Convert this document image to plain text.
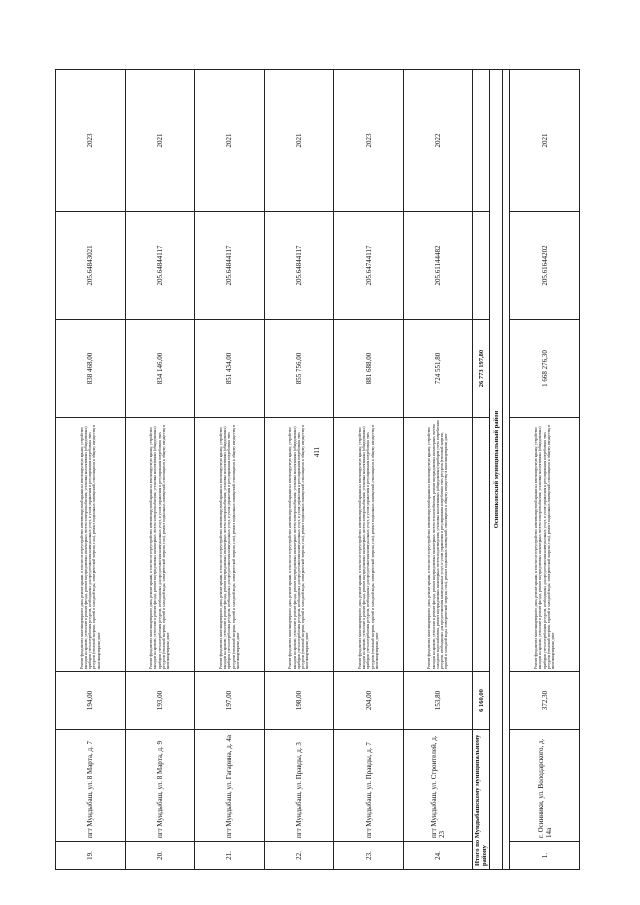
411
19.	пгт Мундыбаш, ул. 8 Марта, д. 7	194,00	Ремонт фундамента многоквартирного дома, ремонт крыши, в том числе переустройство невентилируемой крыши на вентилируемую крышу, устройство выходов на кровлю, утепление и ремонт фасада, ремонт внутридомовых инженерных систем электроснабжения, установка коллективных (общедомовых) приборов учета потребления ресурсов, необходимых для предоставления коммунальных услуг, и узлов управления и регулирования потребления этих ресурсов (тепловой энергии, горячей и холодной воды, электрической энергии, газа), ремонт подвальных помещений, относящихся к общему имуществу в многоквартирном доме	838 468,00	205.64843021	2023
20.	пгт Мундыбаш, ул. 8 Марта, д. 9	193,00	Ремонт фундамента многоквартирного дома, ремонт крыши, в том числе переустройство невентилируемой крыши на вентилируемую крышу, устройство выходов на кровлю, утепление и ремонт фасада, ремонт внутридомовых инженерных систем электроснабжения, установка коллективных (общедомовых) приборов учета потребления ресурсов, необходимых для предоставления коммунальных услуг, и узлов управления и регулирования потребления этих ресурсов (тепловой энергии, горячей и холодной воды, электрической энергии, газа), ремонт подвальных помещений, относящихся к общему имуществу в многоквартирном доме	834 146,00	205.64844117	2021
21.	пгт Мундыбаш, ул. Гагарина, д. 4а	197,00	Ремонт фундамента многоквартирного дома, ремонт крыши, в том числе переустройство невентилируемой крыши на вентилируемую крышу, устройство выходов на кровлю, утепление и ремонт фасада, ремонт внутридомовых инженерных систем электроснабжения, установка коллективных (общедомовых) приборов учета потребления ресурсов, необходимых для предоставления коммунальных услуг, и узлов управления и регулирования потребления этих ресурсов (тепловой энергии, горячей и холодной воды, электрической энергии, газа), ремонт подвальных помещений, относящихся к общему имуществу в многоквартирном доме	851 434,00	205.64844117	2021
22.	пгт Мундыбаш, ул. Правды, д. 3	198,00	Ремонт фундамента многоквартирного дома, ремонт крыши, в том числе переустройство невентилируемой крыши на вентилируемую крышу, устройство выходов на кровлю, утепление и ремонт фасада, ремонт внутридомовых инженерных систем электроснабжения, установка коллективных (общедомовых) приборов учета потребления ресурсов, необходимых для предоставления коммунальных услуг, и узлов управления и регулирования потребления этих ресурсов (тепловой энергии, горячей и холодной воды, электрической энергии, газа), ремонт подвальных помещений, относящихся к общему имуществу в многоквартирном доме	855 756,00	205.64844117	2021
23.	пгт Мундыбаш, ул. Правды, д. 7	204,00	Ремонт фундамента многоквартирного дома, ремонт крыши, в том числе переустройство невентилируемой крыши на вентилируемую крышу, устройство выходов на кровлю, утепление и ремонт фасада, ремонт внутридомовых инженерных систем электроснабжения, установка коллективных (общедомовых) приборов учета потребления ресурсов, необходимых для предоставления коммунальных услуг, и узлов управления и регулирования потребления этих ресурсов (тепловой энергии, горячей и холодной воды, электрической энергии, газа), ремонт подвальных помещений, относящихся к общему имуществу в многоквартирном доме	881 688,00	205.64744117	2023
24.	пгт Мундыбаш, ул. Строителей, д. 23	153,80	Ремонт фундамента многоквартирного дома, ремонт крыши, в том числе переустройство невентилируемой крыши на вентилируемую крышу, устройство выходов на кровлю, утепление и ремонт фасада, ремонт внутридомовых инженерных систем теплоснабжения, ремонт внутридомовых инженерных систем холодного водоснабжения, ремонт внутридомовых инженерных систем водоотведения, установка коллективных (общедомовых) приборов учета потребления ресурсов, необходимых для предоставления коммунальных услуг, и узлов управления и регулирования потребления этих ресурсов (тепловой энергии, горячей и холодной воды, электрической энергии, газа), ремонт подвальных помещений, относящихся к общему имуществу в многоквартирном доме	724 551,80	205.61144482	2022
Итого по Мундыбашскому муниципальному району		6 160,00		26 773 197,80		
Осинниковский муниципальный район						

1.	г. Осинники, ул. Володарского, д. 14а	372,30	Ремонт фундамента многоквартирного дома, ремонт крыши, в том числе переустройство невентилируемой крыши на вентилируемую крышу, устройство выходов на кровлю, утепление и ремонт фасада, ремонт внутридомовых инженерных систем электроснабжения, установка коллективных (общедомовых) приборов учета потребления ресурсов, необходимых для предоставления коммунальных услуг, и узлов управления и регулирования потребления этих ресурсов (тепловой энергии, горячей и холодной воды, электрической энергии, газа), ремонт подвальных помещений, относящихся к общему имуществу в многоквартирном доме	1 668 276,30	205.61644202	2021
